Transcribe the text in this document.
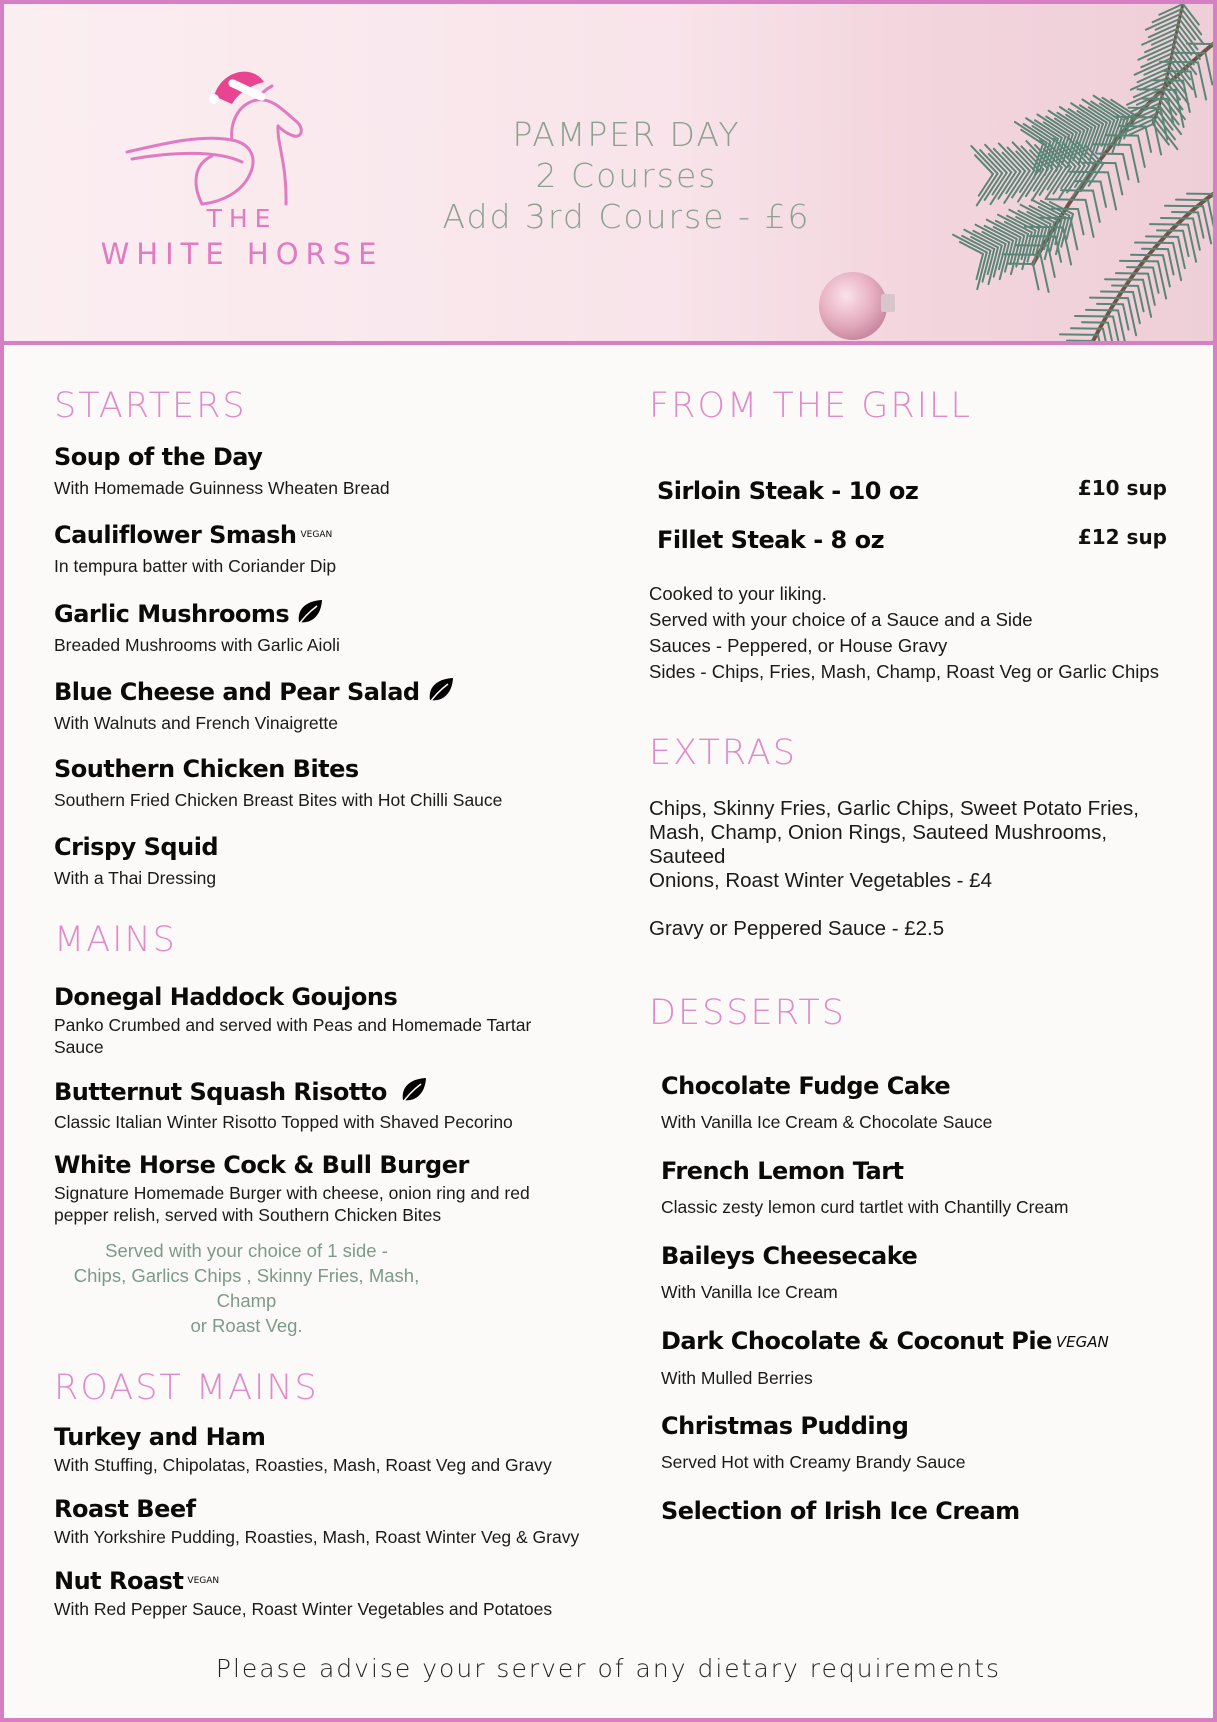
THE
WHITE HORSE
PAMPER DAY
2 Courses
Add 3rd Course - £6
STARTERS

Soup of the Day

With Homemade Guinness Wheaten Bread

Cauliflower Smash $^{VEGAN}$

In tempura batter with Coriander Dip

Garlic Mushrooms

Breaded Mushrooms with Garlic Aioli

Blue Cheese and Pear Salad

With Walnuts and French Vinaigrette

Southern Chicken Bites

Southern Fried Chicken Breast Bites with Hot Chilli Sauce

Crispy Squid

With a Thai Dressing

MAINS

Donegal Haddock Goujons

Panko Crumbed and served with Peas and Homemade Tartar Sauce

Butternut Squash Risotto

Classic Italian Winter Risotto Topped with Shaved Pecorino

White Horse Cock & Bull Burger

Signature Homemade Burger with cheese, onion ring and red pepper relish, served with Southern Chicken Bites

Served with your choice of 1 side -
Chips, Garlics Chips , Skinny Fries, Mash, Champ
or Roast Veg.
ROAST MAINS

Turkey and Ham

With Stuffing, Chipolatas, Roasties, Mash, Roast Veg and Gravy

Roast Beef

With Yorkshire Pudding, Roasties, Mash, Roast Winter Veg & Gravy

Nut Roast $^{VEGAN}$

With Red Pepper Sauce, Roast Winter Vegetables and Potatoes

FROM THE GRILL

Sirloin Steak - 10 oz	£10 sup

Fillet Steak - 8 oz	£12 sup

Cooked to your liking.

Served with your choice of a Sauce and a Side

Sauces - Peppered, or House Gravy

Sides - Chips, Fries, Mash, Champ, Roast Veg or Garlic Chips

EXTRAS

Chips, Skinny Fries, Garlic Chips, Sweet Potato Fries,

Mash, Champ, Onion Rings, Sauteed Mushrooms, Sauteed

Onions, Roast Winter Vegetables - £4

Gravy or Peppered Sauce - £2.5

DESSERTS

Chocolate Fudge Cake

With Vanilla Ice Cream & Chocolate Sauce

French Lemon Tart

Classic zesty lemon curd tartlet with Chantilly Cream

Baileys Cheesecake

With Vanilla Ice Cream

Dark Chocolate & Coconut Pie VEGAN

With Mulled Berries

Christmas Pudding

Served Hot with Creamy Brandy Sauce

Selection of Irish Ice Cream

Please advise your server of any dietary requirements
